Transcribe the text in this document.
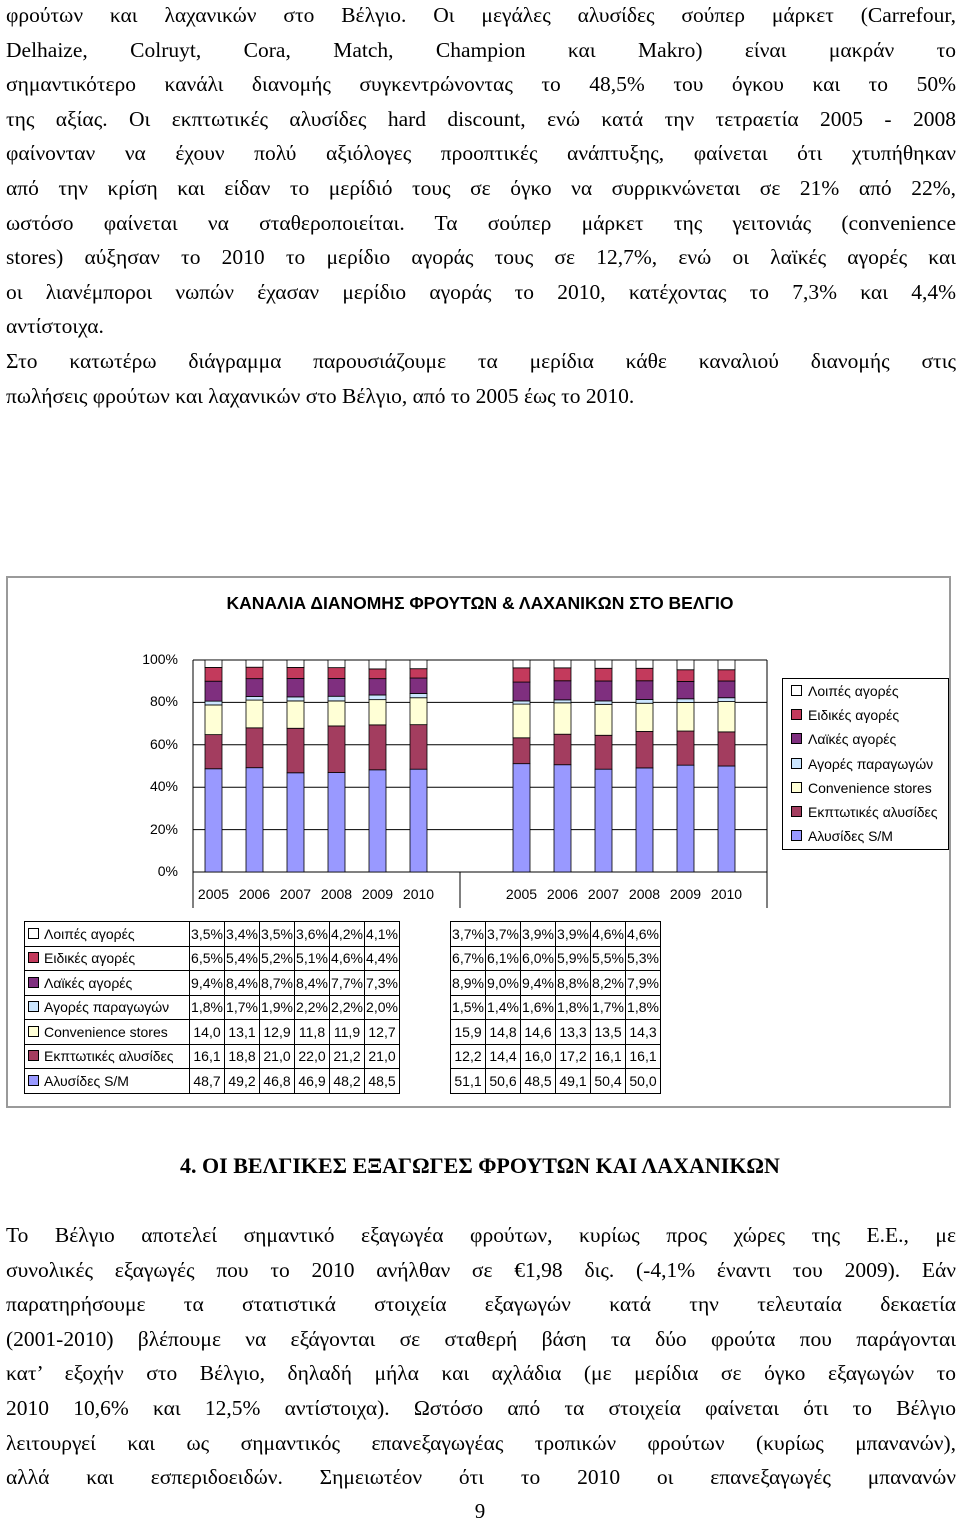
φρούτων και λαχανικών στο Βέλγιο. Οι μεγάλες αλυσίδες σούπερ μάρκετ (Carrefour,
Delhaize, Colruyt, Cora, Match, Champion και Makro) είναι μακράν το
σημαντικότερο κανάλι διανομής συγκεντρώνοντας το 48,5% του όγκου και το 50%
της αξίας. Οι εκπτωτικές αλυσίδες hard discount, ενώ κατά την τετραετία 2005 - 2008
φαίνονταν να έχουν πολύ αξιόλογες προοπτικές ανάπτυξης, φαίνεται ότι χτυπήθηκαν
από την κρίση και είδαν το μερίδιό τους σε όγκο να συρρικνώνεται σε 21% από 22%,
ωστόσο φαίνεται να σταθεροποιείται. Τα σούπερ μάρκετ της γειτονιάς (convenience
stores) αύξησαν το 2010 το μερίδιο αγοράς τους σε 12,7%, ενώ οι λαϊκές αγορές και
οι λιανέμποροι νωπών έχασαν μερίδιο αγοράς το 2010, κατέχοντας το 7,3% και 4,4%
αντίστοιχα.
Στο κατωτέρω διάγραμμα παρουσιάζουμε τα μερίδια κάθε καναλιού διανομής στις
πωλήσεις φρούτων και λαχανικών στο Βέλγιο, από το 2005 έως το 2010.
ΚΑΝΑΛΙΑ ΔΙΑΝΟΜΗΣ ΦΡΟΥΤΩΝ & ΛΑΧΑΝΙΚΩΝ ΣΤΟ ΒΕΛΓΙΟ
100%
80%
60%
40%
20%
0%
2005 2006 2007 2008 2009 2010	2005 2006 2007 2008 2009 2010
Λοιπές αγορές
Ειδικές αγορές
Λαϊκές αγορές
Αγορές παραγωγών
Convenience stores
Εκπτωτικές αλυσίδες
Αλυσίδες S/M
Λοιπές αγορές	3,5%	3,4%	3,5%	3,6%	4,2%	4,1%		3,7%	3,7%	3,9%	3,9%	4,6%	4,6%
Ειδικές αγορές	6,5%	5,4%	5,2%	5,1%	4,6%	4,4%		6,7%	6,1%	6,0%	5,9%	5,5%	5,3%
Λαϊκές αγορές	9,4%	8,4%	8,7%	8,4%	7,7%	7,3%		8,9%	9,0%	9,4%	8,8%	8,2%	7,9%
Αγορές παραγωγών	1,8%	1,7%	1,9%	2,2%	2,2%	2,0%		1,5%	1,4%	1,6%	1,8%	1,7%	1,8%
Convenience stores	14,0	13,1	12,9	11,8	11,9	12,7		15,9	14,8	14,6	13,3	13,5	14,3
Εκπτωτικές αλυσίδες	16,1	18,8	21,0	22,0	21,2	21,0		12,2	14,4	16,0	17,2	16,1	16,1
Αλυσίδες S/M	48,7	49,2	46,8	46,9	48,2	48,5		51,1	50,6	48,5	49,1	50,4	50,0
4. ΟΙ ΒΕΛΓΙΚΕΣ ΕΞΑΓΩΓΕΣ ΦΡΟΥΤΩΝ ΚΑΙ ΛΑΧΑΝΙΚΩΝ
Το Βέλγιο αποτελεί σημαντικό εξαγωγέα φρούτων, κυρίως προς χώρες της Ε.Ε., με
συνολικές εξαγωγές που το 2010 ανήλθαν σε €1,98 δις. (-4,1% έναντι του 2009). Εάν
παρατηρήσουμε τα στατιστικά στοιχεία εξαγωγών κατά την τελευταία δεκαετία
(2001-2010) βλέπουμε να εξάγονται σε σταθερή βάση τα δύο φρούτα που παράγονται
κατ’ εξοχήν στο Βέλγιο, δηλαδή μήλα και αχλάδια (με μερίδια σε όγκο εξαγωγών το
2010 10,6% και 12,5% αντίστοιχα). Ωστόσο από τα στοιχεία φαίνεται ότι το Βέλγιο
λειτουργεί και ως σημαντικός επανεξαγωγέας τροπικών φρούτων (κυρίως μπανανών),
αλλά και εσπεριδοειδών. Σημειωτέον ότι το 2010 οι επανεξαγωγές μπανανών
9
